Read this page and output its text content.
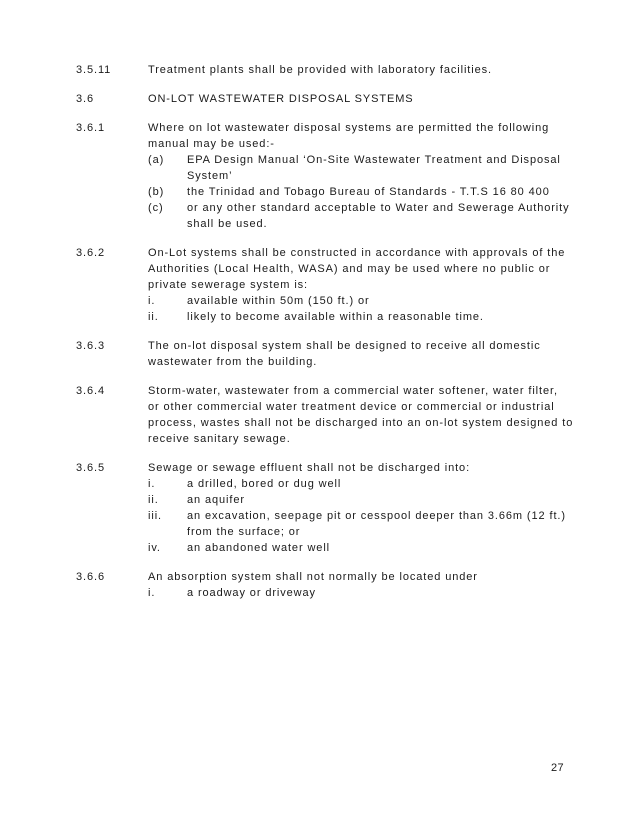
3.5.11	Treatment plants shall be provided with laboratory facilities.
3.6	ON-LOT WASTEWATER DISPOSAL SYSTEMS
3.6.1	Where on lot wastewater disposal systems are permitted the following
manual may be used:-
(a) EPA Design Manual ‘On-Site Wastewater Treatment and Disposal
System’
(b) the Trinidad and Tobago Bureau of Standards - T.T.S 16 80 400
(c) or any other standard acceptable to Water and Sewerage Authority
shall be used.
3.6.2	On-Lot systems shall be constructed in accordance with approvals of the
Authorities (Local Health, WASA) and may be used where no public or
private sewerage system is:
i.	available within 50m (150 ft.) or
ii.	likely to become available within a reasonable time.
3.6.3	The on-lot disposal system shall be designed to receive all domestic
wastewater from the building.
3.6.4	Storm-water, wastewater from a commercial water softener, water filter,
or other commercial water treatment device or commercial or industrial
process, wastes shall not be discharged into an on-lot system designed to
receive sanitary sewage.
3.6.5	Sewage or sewage effluent shall not be discharged into:
i.	a drilled, bored or dug well
ii.	an aquifer
iii. an excavation, seepage pit or cesspool deeper than 3.66m (12 ft.)
from the surface; or
iv. an abandoned water well
3.6.6	An absorption system shall not normally be located under
i.	a roadway or driveway
27
